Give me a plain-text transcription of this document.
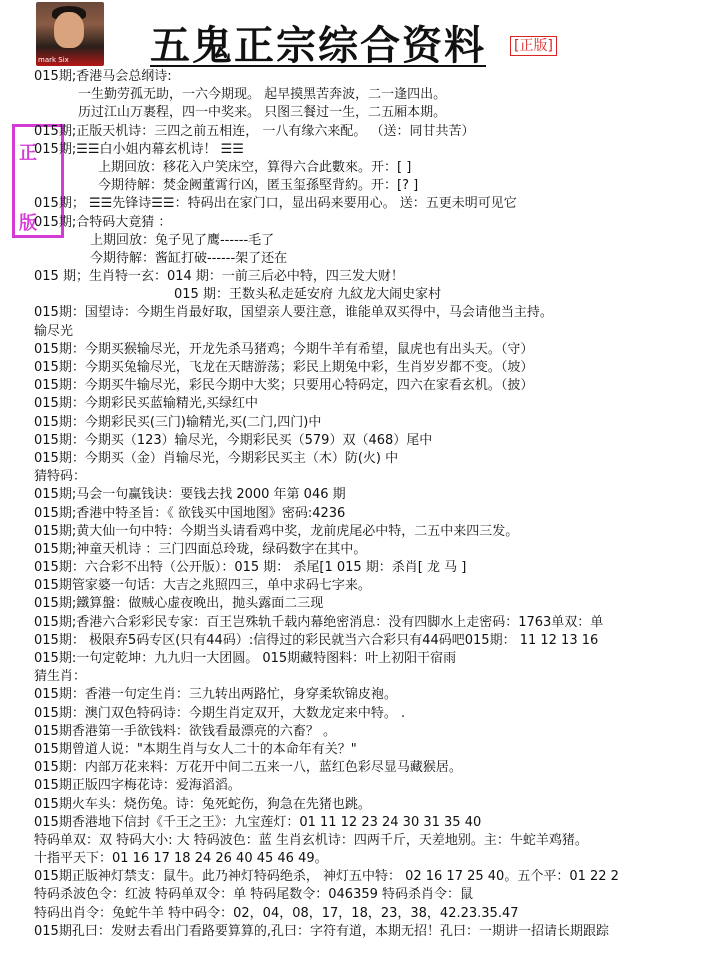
mark Six 五鬼正宗综合资料 [正版]
正
版
015期;香港马会总纲诗:
一生勤劳孤无助，一六今期现。 起早摸黑苦奔波，二一逢四出。
历过江山万裹程，四一中奖来。 只图三餐过一生，二五厢本期。
015期;正版天机诗：三四之前五相连， 一八有缘六来配。 （送：同甘共苦）
015期;☰☰白小姐内幕玄机诗！ ☰☰
上期回放：移花入户笑床空，算得六合此數來。开：[ ]
今期待解：焚金阙董霄行凶，匿玉玺孫堅背約。开：[? ]
015期； ☰☰先锋诗☰☰：特码出在家门口，显出码来要用心。 送：五更未明可见它
015期;合特码大竟猜 ：
上期回放：兔子见了鹰------毛了
今期待解：酱缸打破------架了还在
015 期；生肖特一玄：014 期：一前三后必中特，四三发大财！
015 期：王数头私走延安府 九紋龙大闹史家村
015期：国望诗：今期生肖最好取，国望亲人要注意，谁能单双买得中，马会请他当主持。
输尽光
015期：今期买猴输尽光，开龙先杀马猪鸡；今期牛羊有希望，鼠虎也有出头天。（守）
015期：今期买兔输尽光，飞龙在天瞎游荡；彩民上期兔中彩，生肖岁岁都不变。（坡）
015期：今期买牛输尽光，彩民今期中大奖；只要用心特码定，四六在家看玄机。（披）
015期：今期彩民买蓝输精光,买绿红中
015期：今期彩民买(三门)输精光,买(二门,四门)中
015期：今期买（123）输尽光，今期彩民买（579）双（468）尾中
015期：今期买（金）肖输尽光，今期彩民买主（木）防(火) 中
猜特码：
015期;马会一句赢钱诀：要钱去找 2000 年第 046 期
015期;香港中特圣旨：《 欲钱买中国地图》密码:4236
015期;黄大仙一句中特：今期当头请看鸡中奖，龙前虎尾必中特，二五中来四三发。
015期;神童天机诗 ：三门四面总玲珑，绿码数字在其中。
015期：六合彩不出特（公开版）：015 期： 杀尾[1 015 期：杀肖[ 龙 马 ]
015期管家婆一句话：大吉之兆照四三，单中求码七字来。
015期;鐵算盤：做贼心虚夜晚出，抛头露面二三现
015期;香港六合彩彩民专家：百王岂殊轨千载内幕绝密消息：没有四脚水上走密码：1763单双：单
015期： 极限弃5码专区(只有44码）:信得过的彩民就当六合彩只有44码吧015期： 11 12 13 16
015期:一句定乾坤：九九归一大团圆。 015期藏特图料：叶上初阳干宿雨
猜生肖：
015期：香港一句定生肖：三九转出两路忙，身穿柔软锦皮袍。
015期：澳门双色特码诗：今期生肖定双开，大数龙定来中特。 .
015期香港第一手欲钱料：欲钱看最漂亮的六畜？ 。
015期曾道人说："本期生肖与女人二十的本命年有关？"
015期：内部万花来料：万花开中间二五来一八，蓝红色彩尽显马藏猴居。
015期正版四字梅花诗：爱海滔滔。
015期火车头：烧伤兔。诗：兔死蛇伤，狗急在先猪也跳。
015期香港地下信封《千王之王》：九宝莲灯：01 11 12 23 24 30 31 35 40
特码单双：双 特码大小: 大 特码波色：蓝 生肖玄机诗：四两千斤，天差地别。主：牛蛇羊鸡猪。
十指平天下：01 16 17 18 24 26 40 45 46 49。
015期正版神灯禁支：鼠牛。此乃神灯特码绝杀， 神灯五中特： 02 16 17 25 40。五个平：01 22 2
特码杀波色令：红波 特码单双令：单 特码尾数令：046359 特码杀肖令：鼠
特码出肖令：兔蛇牛羊 特中码令：02，04，08，17，18，23，38，42.23.35.47
015期孔曰：发财去看出门看路要算算的,孔曰：字符有道，本期无招！孔曰：一期讲一招请长期跟踪
